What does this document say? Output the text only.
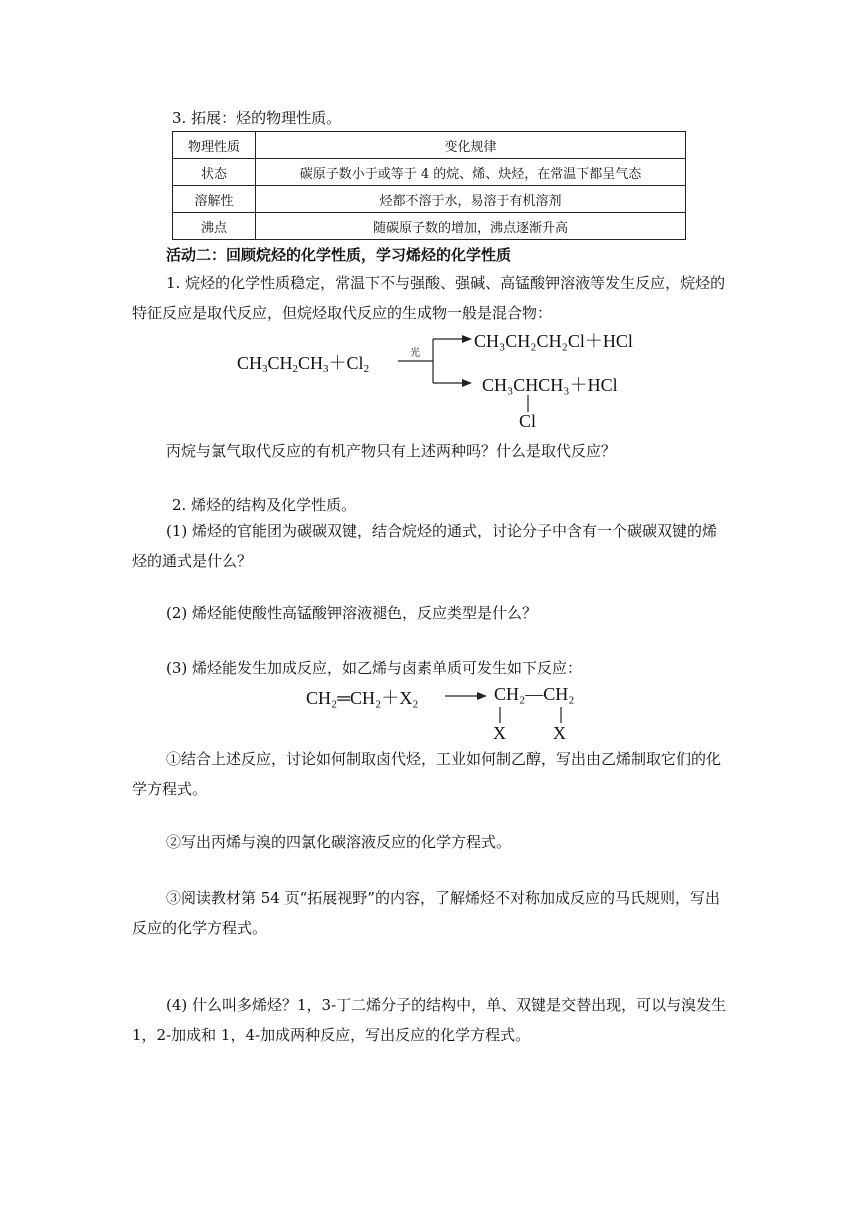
3. 拓展：烃的物理性质。
物理性质	变化规律
状态	碳原子数小于或等于 4 的烷、烯、炔烃，在常温下都呈气态
溶解性	烃都不溶于水，易溶于有机溶剂
沸点	随碳原子数的增加，沸点逐渐升高
活动二：回顾烷烃的化学性质，学习烯烃的化学性质
1. 烷烃的化学性质稳定，常温下不与强酸、强碱、高锰酸钾溶液等发生反应，烷烃的特征反应是取代反应，但烷烃取代反应的生成物一般是混合物：
$CH_3CH_2CH_3+Cl_2$
光
CH₃CH₂CH₂Cl＋HCl
CH₃CHCH₃＋HCl
Cl
丙烷与氯气取代反应的有机产物只有上述两种吗？什么是取代反应？
2. 烯烃的结构及化学性质。
(1) 烯烃的官能团为碳碳双键，结合烷烃的通式，讨论分子中含有一个碳碳双键的烯烃的通式是什么？
(2) 烯烃能使酸性高锰酸钾溶液褪色，反应类型是什么？
(3) 烯烃能发生加成反应，如乙烯与卤素单质可发生如下反应：
CH₂═CH₂＋X₂	CH₂—CH₂
X	X
①结合上述反应，讨论如何制取卤代烃，工业如何制乙醇，写出由乙烯制取它们的化学方程式。
②写出丙烯与溴的四氯化碳溶液反应的化学方程式。
③阅读教材第 54 页“拓展视野”的内容，了解烯烃不对称加成反应的马氏规则，写出反应的化学方程式。
(4) 什么叫多烯烃？1，3-丁二烯分子的结构中，单、双键是交替出现，可以与溴发生 1，2-加成和 1，4-加成两种反应，写出反应的化学方程式。
